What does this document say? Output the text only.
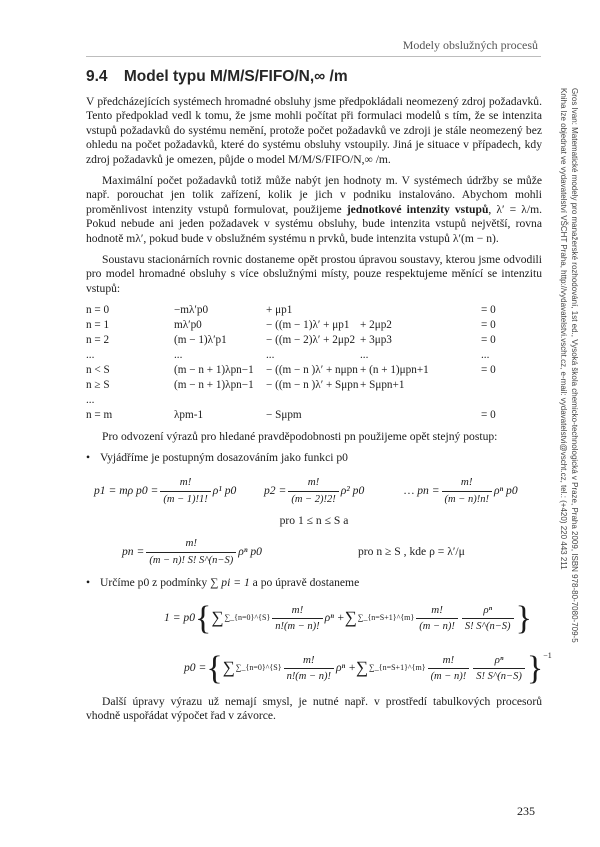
Modely obslužných procesů
Gros Ivan: Matematické modely pro manažerské rozhodování, 1st ed., Vysoká škola chemicko-technologická v Praze, Praha 2009, ISBN 978-80-7080-709-5
Kniha lze objednat ve vydavatelství VŠCHT Praha, http://vydavatelstvi.vscht.cz, e-mail: vydavatelstvi@vscht.cz, tel.: (+420) 220 443 211
9.4 Model typu M/M/S/FIFO/N,∞ /m

V předcházejících systémech hromadné obsluhy jsme předpokládali neomezený zdroj požadavků. Tento předpoklad vedl k tomu, že jsme mohli počítat při formulaci modelů s tím, že se intenzita vstupů požadavků do systému nemění, protože počet požadavků ve zdroji je stále neomezený bez ohledu na počet požadavků, které do systému obsluhy vstoupily. Jiná je situace v případech, kdy zdroj požadavků je omezen, půjde o model M/M/S/FIFO/N,∞ /m.

Maximální počet požadavků totiž může nabýt jen hodnoty m. V systémech údržby se může např. porouchat jen tolik zařízení, kolik je jich v podniku instalováno. Abychom mohli proměnlivost intenzity vstupů formulovat, použijeme jednotkové intenzity vstupů, λ′ = λ/m. Pokud nebude ani jeden požadavek v systému obsluhy, bude intenzita vstupů největší, rovna hodnotě mλ′, pokud bude v obslužném systému n prvků, bude intenzita vstupů λ′(m − n).

Soustavu stacionárních rovnic dostaneme opět prostou úpravou soustavy, kterou jsme odvodili pro model hromadné obsluhy s více obslužnými místy, pouze respektujeme měnící se intenzitu vstupů:

n = 0	−mλ′p0	+ μp1			= 0
n = 1	mλ′p0	− ((m − 1)λ′ + μp1	+ 2μp2		= 0
n = 2	(m − 1)λ′p1	− ((m − 2)λ′ + 2μp2	+ 3μp3		= 0
...	...	...	...		...
n < S	(m − n + 1)λpn−1	− ((m − n )λ′ + nμpn	+ (n + 1)μpn+1		= 0
n ≥ S	(m − n + 1)λpn−1	− ((m − n )λ′ + Sμpn	+ Sμpn+1		
...					
n = m	λpm-1	− Sμpm			= 0

Pro odvození výrazů pro hledané pravděpodobnosti pn použijeme opět stejný postup:

• Vyjádříme je postupným dosazováním jako funkci p0
p1 = mρ $p0 = \frac{m!}{(m - 1)!1!} \rho^1$ p0 $p2 = \frac{m!}{(m - 2)!2!} \rho^2$ p0	… pn = $\frac{m!}{(m - n)!n!}$ ρⁿ p0
pro 1 ≤ n ≤ S a
pn = $\frac{m!}{(m - n)! S! S\^{}(n-S)}$ ρⁿ p0	pro n ≥ S , kde ρ = λ′/μ
• Určíme p0 z podmínky ∑ pi = 1 a po úpravě dostaneme
1 = p0 { ∑ ∑_{n=0}^{S} $\frac{m!}{n!(m - n)!}$ ρⁿ + ∑ ∑_{n=S+1}^{m} $\frac{m!}{(m - n)!} \frac{\text{ρⁿ}}{S! S\^{}(n-S)}$ }
p0 = { ∑ ∑_{n=0}^{S} $\frac{m!}{n!(m - n)!}$ ρⁿ + ∑ ∑_{n=S+1}^{m} $\frac{m!}{(m - n)!} \frac{\text{ρⁿ}}{S! S\^{}(n-S)} \}^{-1}$

Další úpravy výrazu už nemají smysl, je nutné např. v prostředí tabulkových procesorů vhodně uspořádat výpočet řad v závorce.

235
